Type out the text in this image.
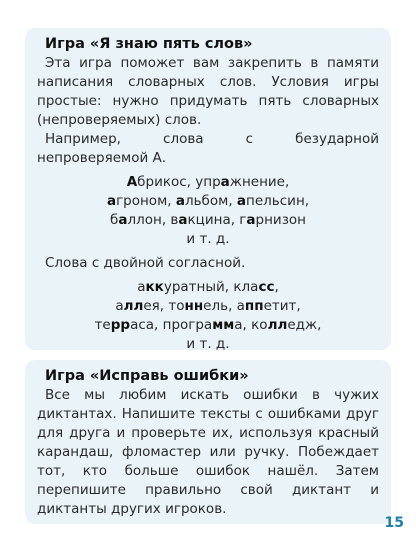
Игра «Я знаю пять слов»

Эта игра поможет вам закрепить в памяти написания словарных слов. Условия игры простые: нужно придумать пять словарных (непроверяемых) слов.

Например, слова с безударной непроверяемой А.

Абрикос, упражнение,

агроном, альбом, апельсин,

баллон, вакцина, гарнизон

и т. д.

Слова с двойной согласной.

аккуратный, класс,

аллея, тоннель, аппетит,

терраса, программа, колледж,

и т. д.

Игра «Исправь ошибки»

Все мы любим искать ошибки в чужих диктантах. Напишите тексты с ошибками друг для друга и проверьте их, используя красный карандаш, фломастер или ручку. Побеждает тот, кто больше ошибок нашёл. Затем перепишите правильно свой диктант и диктанты других игроков.

15
